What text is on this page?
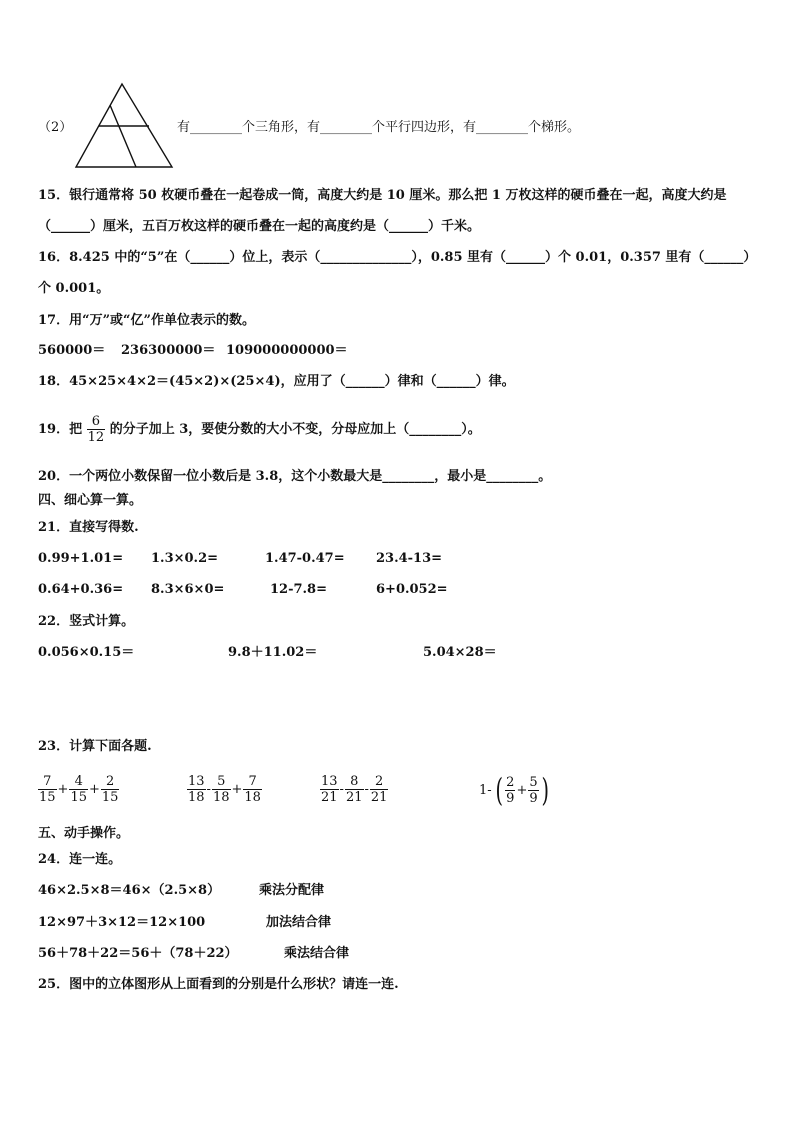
（2）	有________个三角形，有________个平行四边形，有________个梯形。
15．银行通常将 50 枚硬币叠在一起卷成一筒，高度大约是 10 厘米。那么把 1 万枚这样的硬币叠在一起，高度大约是
（______）厘米，五百万枚这样的硬币叠在一起的高度约是（______）千米。
16．8.425 中的“5”在（______）位上，表示（______________），0.85 里有（______）个 0.01，0.357 里有（______）
个 0.001。
17．用“万”或“亿”作单位表示的数。
560000＝ 236300000＝ 109000000000＝
18．45×25×4×2＝(45×2)×(25×4)，应用了（______）律和（______）律。
19．把 $\frac{6}{12}$ 的分子加上 3，要使分数的大小不变，分母应加上（________）。
20．一个两位小数保留一位小数后是 3.8，这个小数最大是________，最小是________。
四、细心算一算。
21．直接写得数.
0.99+1.01= 1.3×0.2=	1.47-0.47= 23.4-13=
0.64+0.36= 8.3×6×0=	12-7.8=	6+0.052=
22．竖式计算。
0.056×0.15＝	9.8＋11.02＝	5.04×28＝
23．计算下面各题.
$\frac{7}{15} + \frac{4}{15} + \frac{2}{15}$	$\frac{13}{18} - \frac{5}{18} + \frac{7}{18}$	$\frac{13}{21} - \frac{8}{21} - \frac{2}{21}$	1- ( $\frac{2}{9} + \frac{5}{9}$ )
五、动手操作。
24．连一连。
46×2.5×8＝46×（2.5×8）	乘法分配律
12×97＋3×12＝12×100	加法结合律
56＋78＋22＝56＋（78＋22）	乘法结合律
25．图中的立体图形从上面看到的分别是什么形状？请连一连.
